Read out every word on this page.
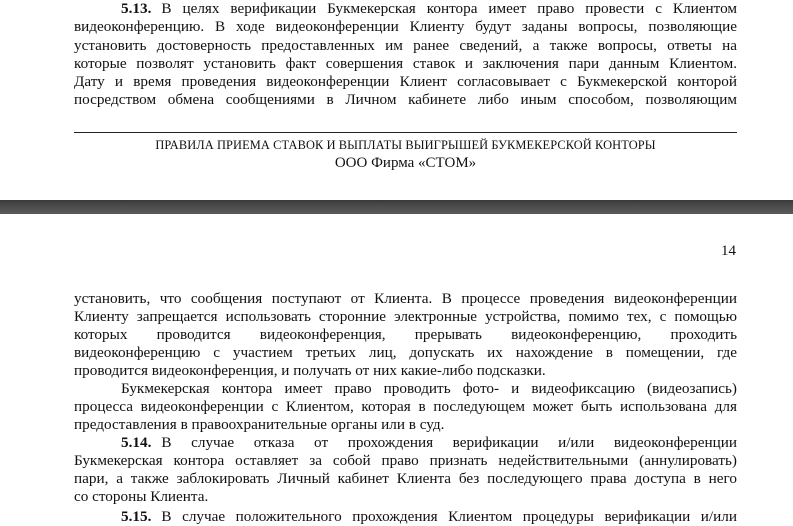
5.13. В целях верификации Букмекерская контора имеет право провести с Клиентом
видеоконференцию. В ходе видеоконференции Клиенту будут заданы вопросы, позволяющие
установить достоверность предоставленных им ранее сведений, а также вопросы, ответы на
которые позволят установить факт совершения ставок и заключения пари данным Клиентом.
Дату и время проведения видеоконференции Клиент согласовывает с Букмекерской конторой
посредством обмена сообщениями в Личном кабинете либо иным способом, позволяющим
ПРАВИЛА ПРИЕМА СТАВОК И ВЫПЛАТЫ ВЫИГРЫШЕЙ БУКМЕКЕРСКОЙ КОНТОРЫ
ООО Фирма «СТОМ»
14
установить, что сообщения поступают от Клиента. В процессе проведения видеоконференции
Клиенту запрещается использовать сторонние электронные устройства, помимо тех, с помощью
которых проводится видеоконференция, прерывать видеоконференцию, проходить
видеоконференцию с участием третьих лиц, допускать их нахождение в помещении, где
проводится видеоконференция, и получать от них какие-либо подсказки.
Букмекерская контора имеет право проводить фото- и видеофиксацию (видеозапись)
процесса видеоконференции с Клиентом, которая в последующем может быть использована для
предоставления в правоохранительные органы или в суд.
5.14. В случае отказа от прохождения верификации и/или видеоконференции
Букмекерская контора оставляет за собой право признать недействительными (аннулировать)
пари, а также заблокировать Личный кабинет Клиента без последующего права доступа в него
со стороны Клиента.
5.15. В случае положительного прохождения Клиентом процедуры верификации и/или
